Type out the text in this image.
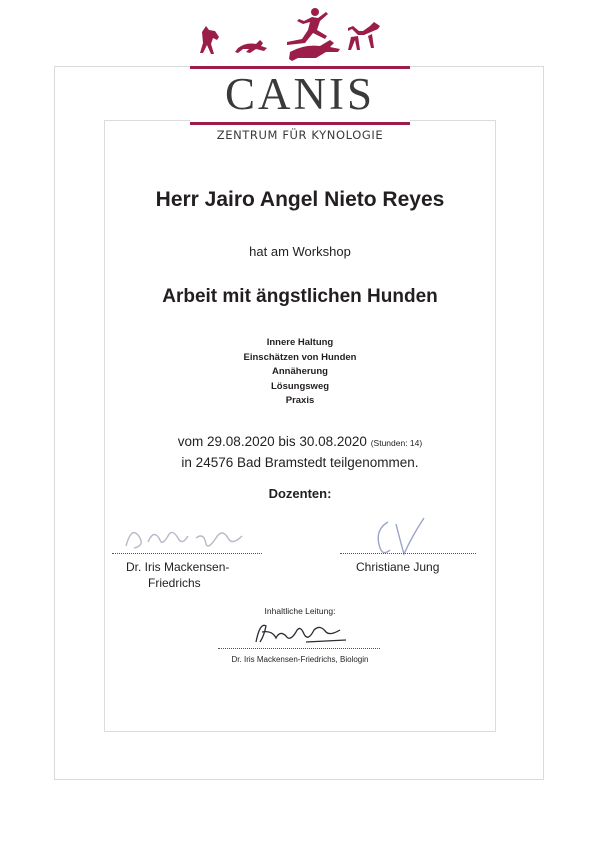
CANIS
ZENTRUM FÜR KYNOLOGIE
Herr Jairo Angel Nieto Reyes
hat am Workshop
Arbeit mit ängstlichen Hunden
Innere Haltung
Einschätzen von Hunden
Annäherung
Lösungsweg
Praxis
vom 29.08.2020 bis 30.08.2020 (Stunden: 14)
in 24576 Bad Bramstedt teilgenommen.
Dozenten:
Dr. Iris Mackensen-
Friedrichs
Christiane Jung
Inhaltliche Leitung:
Dr. Iris Mackensen-Friedrichs, Biologin
